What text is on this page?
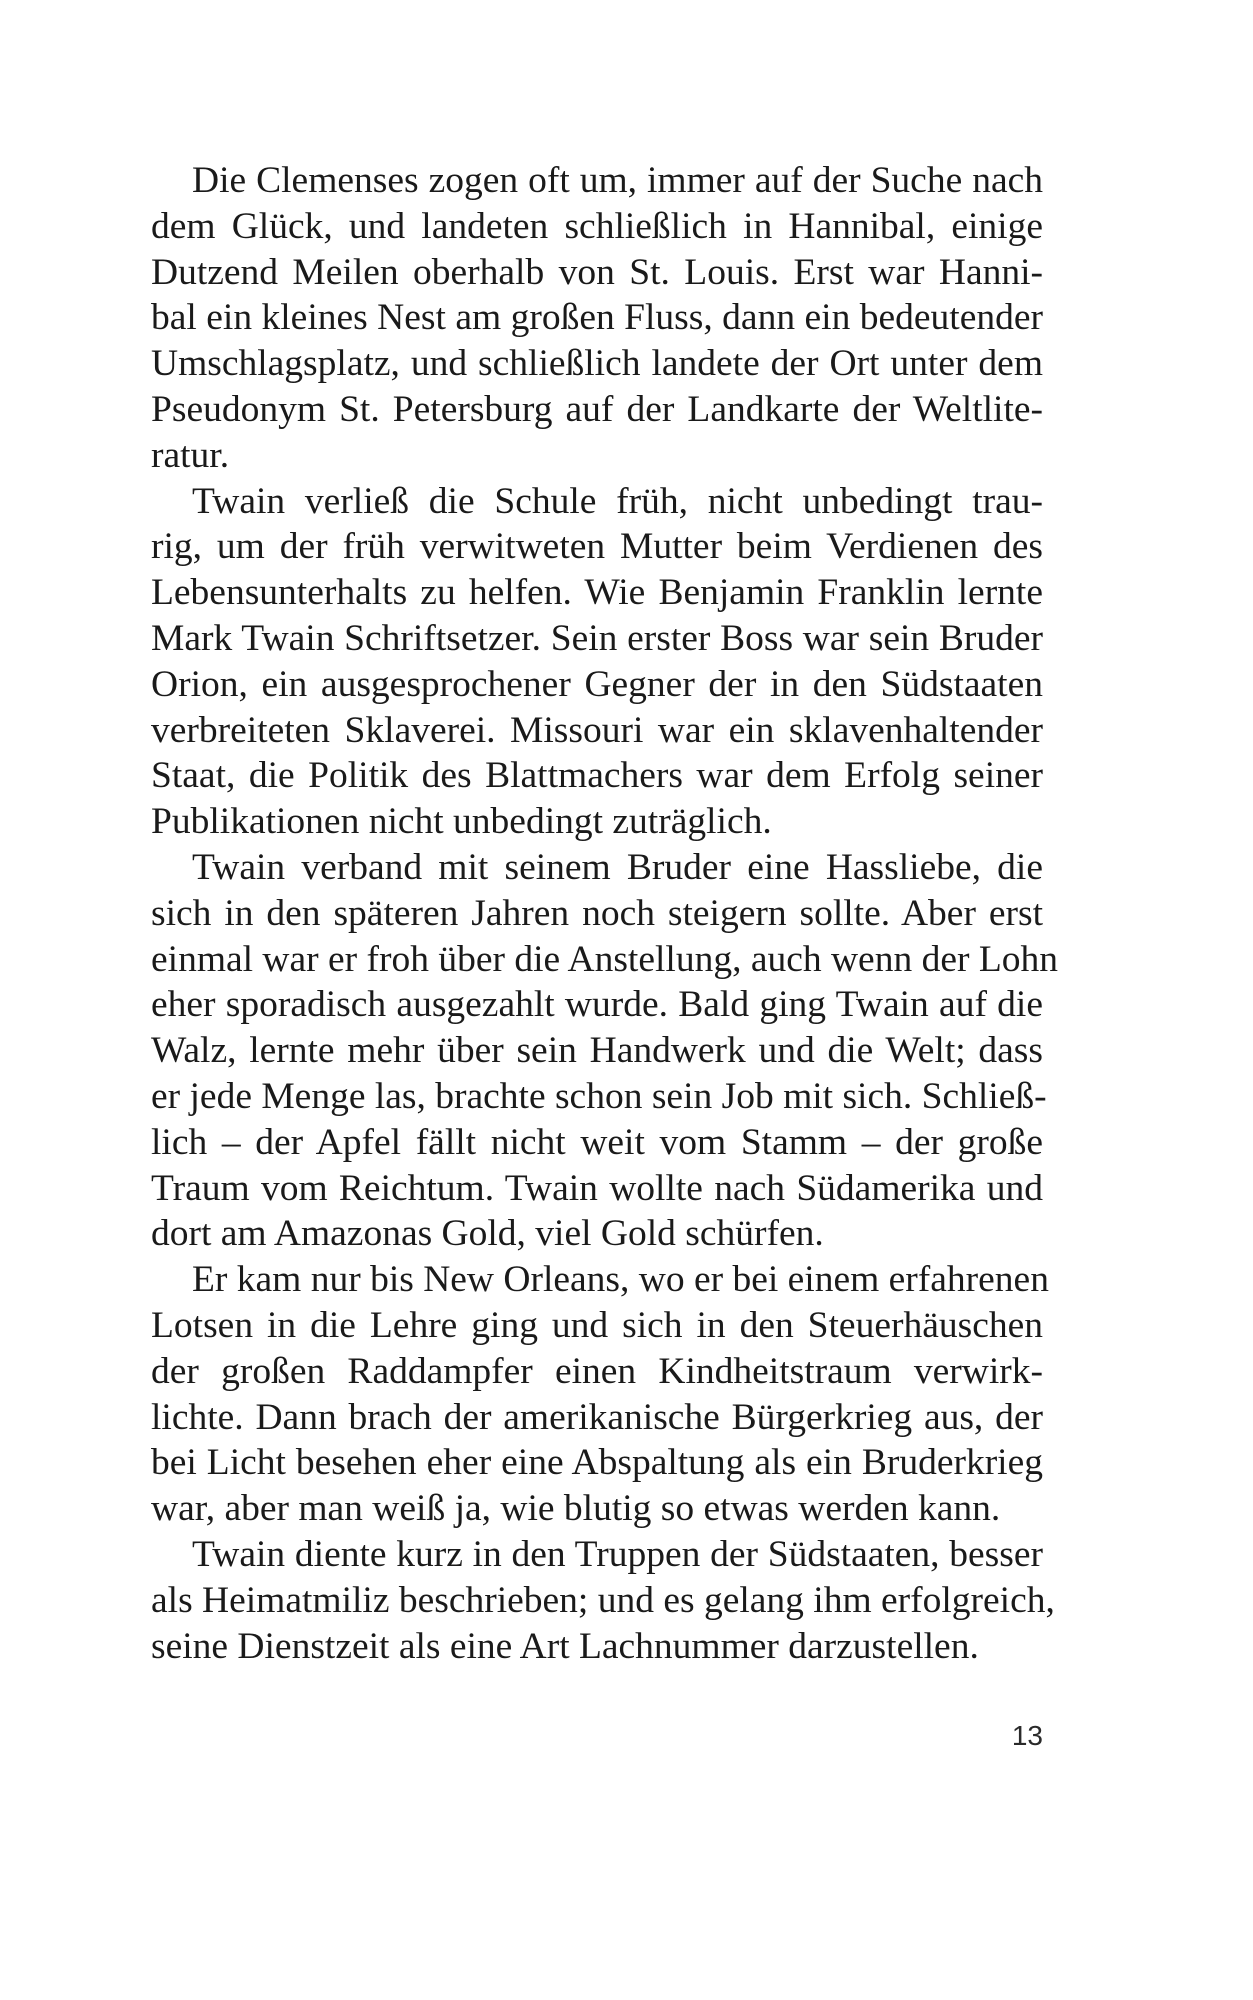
Die Clemenses zogen oft um, immer auf der Suche nach
dem Glück, und landeten schließlich in Hannibal, einige
Dutzend Meilen oberhalb von St. Louis. Erst war Hanni-
bal ein kleines Nest am großen Fluss, dann ein bedeutender
Umschlagsplatz, und schließlich landete der Ort unter dem
Pseudonym St. Petersburg auf der Landkarte der Weltlite-
ratur.
Twain verließ die Schule früh, nicht unbedingt trau-
rig, um der früh verwitweten Mutter beim Verdienen des
Lebensunterhalts zu helfen. Wie Benjamin Franklin lernte
Mark Twain Schriftsetzer. Sein erster Boss war sein Bruder
Orion, ein ausgesprochener Gegner der in den Südstaaten
verbreiteten Sklaverei. Missouri war ein sklavenhaltender
Staat, die Politik des Blattmachers war dem Erfolg seiner
Publikationen nicht unbedingt zuträglich.
Twain verband mit seinem Bruder eine Hassliebe, die
sich in den späteren Jahren noch steigern sollte. Aber erst
einmal war er froh über die Anstellung, auch wenn der Lohn
eher sporadisch ausgezahlt wurde. Bald ging Twain auf die
Walz, lernte mehr über sein Handwerk und die Welt; dass
er jede Menge las, brachte schon sein Job mit sich. Schließ-
lich – der Apfel fällt nicht weit vom Stamm – der große
Traum vom Reichtum. Twain wollte nach Südamerika und
dort am Amazonas Gold, viel Gold schürfen.
Er kam nur bis New Orleans, wo er bei einem erfahrenen
Lotsen in die Lehre ging und sich in den Steuerhäuschen
der großen Raddampfer einen Kindheitstraum verwirk-
lichte. Dann brach der amerikanische Bürgerkrieg aus, der
bei Licht besehen eher eine Abspaltung als ein Bruderkrieg
war, aber man weiß ja, wie blutig so etwas werden kann.
Twain diente kurz in den Truppen der Südstaaten, besser
als Heimatmiliz beschrieben; und es gelang ihm erfolgreich,
seine Dienstzeit als eine Art Lachnummer darzustellen.
13
